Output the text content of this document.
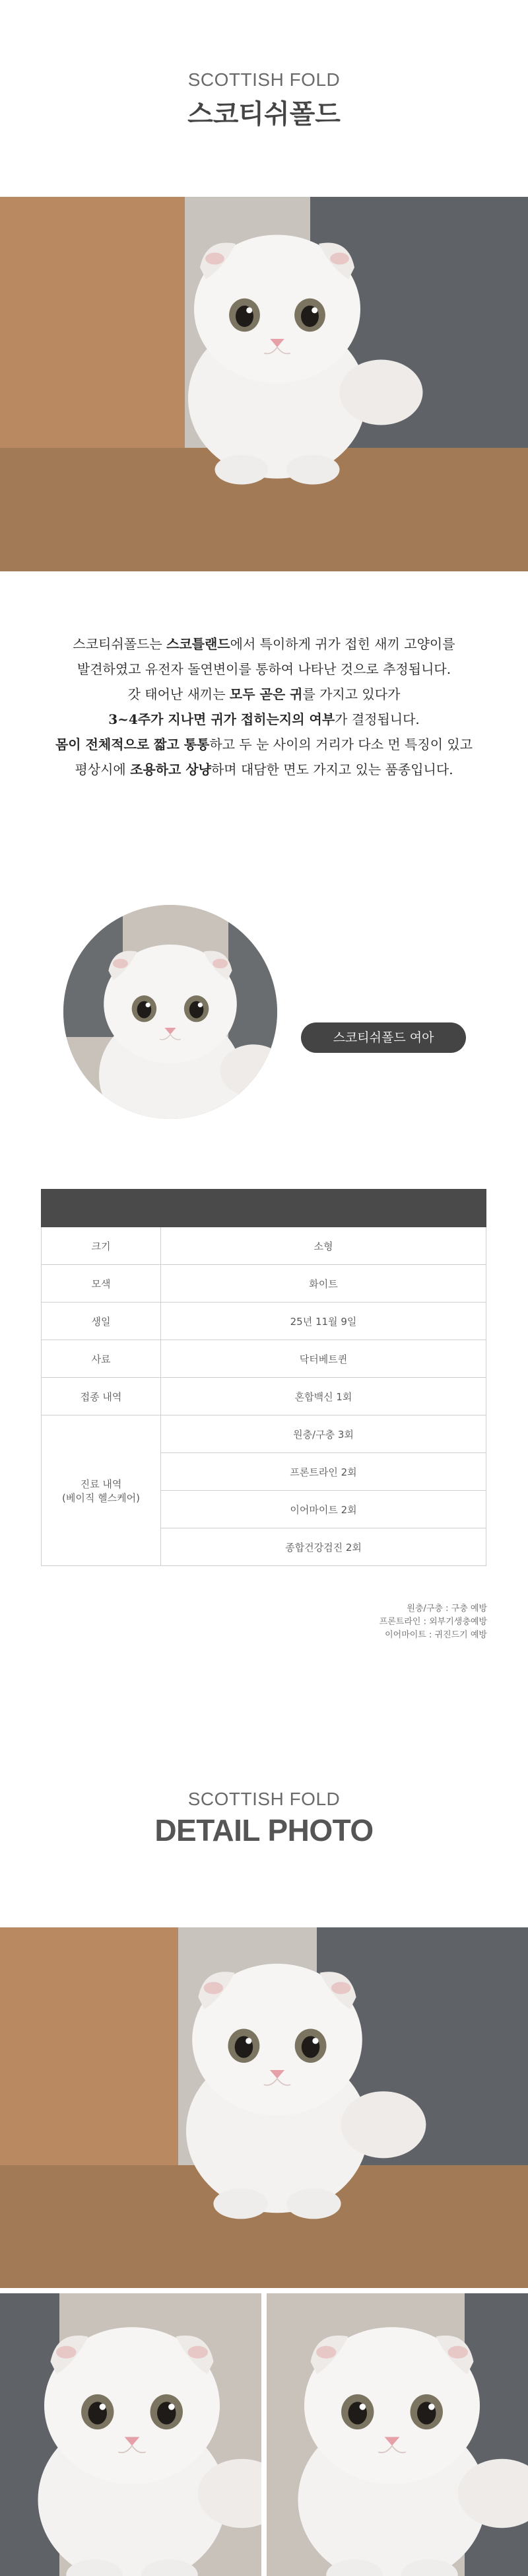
SCOTTISH FOLD
스코티쉬폴드

스코티쉬폴드는 스코틀랜드에서 특이하게 귀가 접힌 새끼 고양이를

발견하였고 유전자 돌연변이를 통하여 나타난 것으로 추정됩니다.

갓 태어난 새끼는 모두 곧은 귀를 가지고 있다가

3~4주가 지나면 귀가 접히는지의 여부가 결정됩니다.

몸이 전체적으로 짧고 통통하고 두 눈 사이의 거리가 다소 먼 특징이 있고

평상시에 조용하고 상냥하며 대담한 면도 가지고 있는 품종입니다.

스코티쉬폴드 여아

크기	소형
모색	화이트
생일	25년 11월 9일
사료	닥터베트퀸
접종 내역	혼합백신 1회

진료 내역
(베이직 헬스케어)	원충/구충 3회
	프론트라인 2회
	이어마이트 2회
	종합건강검진 2회
원충/구충 : 구충 예방
프론트라인 : 외부기생충예방
이어마이트 : 귀진드기 예방
SCOTTISH FOLD
DETAIL PHOTO
